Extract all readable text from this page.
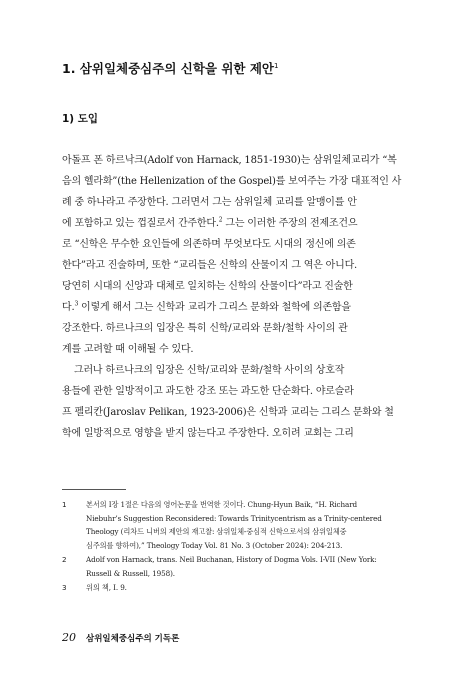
1. 삼위일체중심주의 신학을 위한 제안$^1$
1) 도입
아돌프 폰 하르낙크(Adolf von Harnack, 1851-1930)는 삼위일체교리가 “복
음의 헬라화”(the Hellenization of the Gospel)를 보여주는 가장 대표적인 사
례 중 하나라고 주장한다. 그러면서 그는 삼위일체 교리를 알맹이를 안
에 포함하고 있는 껍질로서 간주한다.$^2$ 그는 이러한 주장의 전제조건으
로 “신학은 무수한 요인들에 의존하며 무엇보다도 시대의 정신에 의존
한다”라고 진술하며, 또한 “교리들은 신학의 산물이지 그 역은 아니다.
당연히 시대의 신앙과 대체로 일치하는 신학의 산물이다”라고 진술한
다.$^3$ 이렇게 해서 그는 신학과 교리가 그리스 문화와 철학에 의존함을
강조한다. 하르나크의 입장은 특히 신학/교리와 문화/철학 사이의 관
계를 고려할 때 이해될 수 있다.
그러나 하르나크의 입장은 신학/교리와 문화/철학 사이의 상호작
용들에 관한 일방적이고 과도한 강조 또는 과도한 단순화다. 야로슬라
프 펠리칸(Jaroslav Pelikan, 1923-2006)은 신학과 교리는 그리스 문화와 철
학에 일방적으로 영향을 받지 않는다고 주장한다. 오히려 교회는 그리
1	본서의 I장 1절은 다음의 영어논문을 번역한 것이다. Chung-Hyun Baik, “H. Richard
Niebuhr’s Suggestion Reconsidered: Towards Trinitycentrism as a Trinity-centered
Theology (리차드 니버의 제안의 재고찰: 삼위일체-중심적 신학으로서의 삼위일체중
심주의를 향하여),” Theology Today Vol. 81 No. 3 (October 2024): 204-213.
2	Adolf von Harnack, trans. Neil Buchanan, History of Dogma Vols. I-VII (New York:
Russell & Russell, 1958).
3	위의 책, I. 9.
20 삼위일체중심주의 기독론
